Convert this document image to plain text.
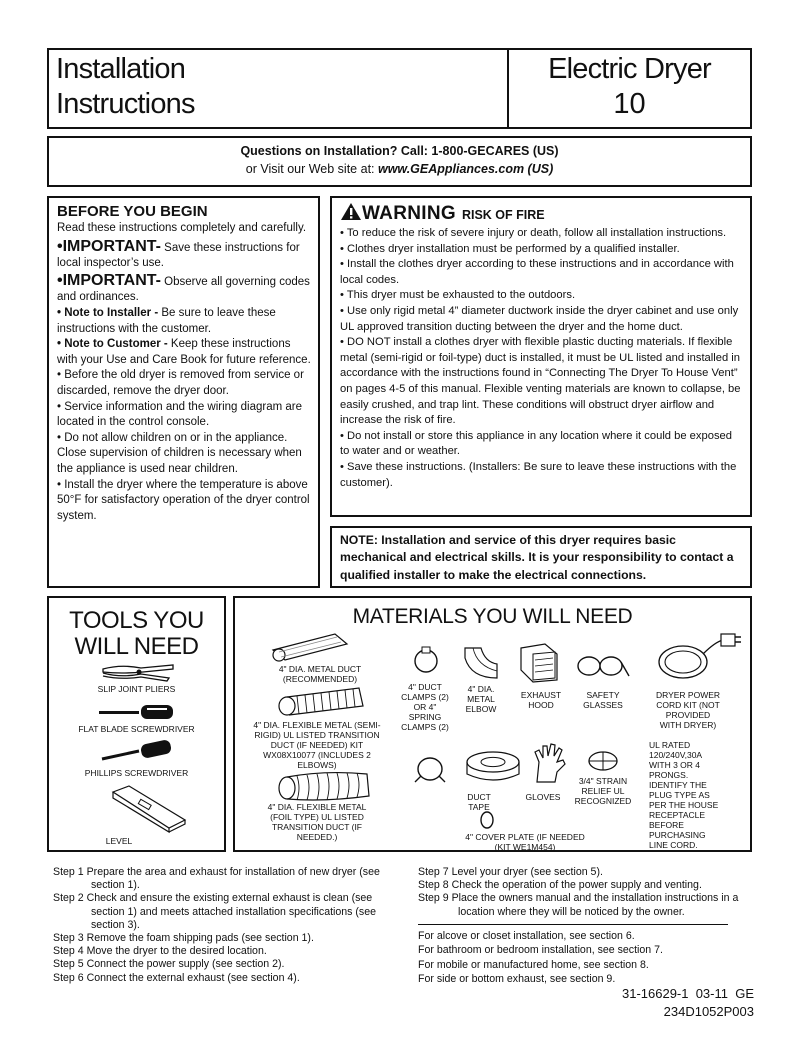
Installation
Instructions
Electric Dryer
10
Questions on Installation? Call: 1-800-GECARES (US)
or Visit our Web site at: www.GEAppliances.com (US)
BEFORE YOU BEGIN
Read these instructions completely and carefully.
•IMPORTANT- Save these instructions for local inspector’s use.
•IMPORTANT- Observe all governing codes and ordinances.
• Note to Installer - Be sure to leave these instructions with the customer.
• Note to Customer - Keep these instructions with your Use and Care Book for future reference.
• Before the old dryer is removed from service or discarded, remove the dryer door.
• Service information and the wiring diagram are located in the control console.
• Do not allow children on or in the appliance. Close supervision of children is necessary when the appliance is used near children.
• Install the dryer where the temperature is above 50°F for satisfactory operation of the dryer control system.
WARNING RISK OF FIRE
• To reduce the risk of severe injury or death, follow all installation instructions.
• Clothes dryer installation must be performed by a qualified installer.
• Install the clothes dryer according to these instructions and in accordance with local codes.
• This dryer must be exhausted to the outdoors.
• Use only rigid metal 4” diameter ductwork inside the dryer cabinet and use only UL approved transition ducting between the dryer and the home duct.
• DO NOT install a clothes dryer with flexible plastic ducting materials. If flexible metal (semi-rigid or foil-type) duct is installed, it must be UL listed and installed in accordance with the instructions found in “Connecting The Dryer To House Vent” on pages 4-5 of this manual. Flexible venting materials are known to collapse, be easily crushed, and trap lint. These conditions will obstruct dryer airflow and increase the risk of fire.
• Do not install or store this appliance in any location where it could be exposed to water and or weather.
• Save these instructions. (Installers: Be sure to leave these instructions with the customer).
NOTE: Installation and service of this dryer requires basic mechanical and electrical skills. It is your responsibility to contact a qualified installer to make the electrical connections.
TOOLS YOU
WILL NEED
SLIP JOINT PLIERS
FLAT BLADE SCREWDRIVER
PHILLIPS SCREWDRIVER
LEVEL
MATERIALS YOU WILL NEED
4" DIA. METAL DUCT (RECOMMENDED)
4" DIA. FLEXIBLE METAL (SEMI-RIGID) UL LISTED TRANSITION DUCT (IF NEEDED) KIT WX08X10077 (INCLUDES 2 ELBOWS)
4" DIA. FLEXIBLE METAL (FOIL TYPE) UL LISTED TRANSITION DUCT (IF NEEDED.)
4" DUCT CLAMPS (2) OR 4" SPRING CLAMPS (2)
4" DIA. METAL ELBOW
EXHAUST HOOD
SAFETY GLASSES
DRYER POWER CORD KIT (NOT PROVIDED WITH DRYER)
UL RATED 120/240V,30A WITH 3 OR 4 PRONGS. IDENTIFY THE PLUG TYPE AS PER THE HOUSE RECEPTACLE BEFORE PURCHASING LINE CORD.
DUCT TAPE
GLOVES
3/4" STRAIN RELIEF UL RECOGNIZED
4" COVER PLATE (IF NEEDED (KIT WE1M454)
Step 1 Prepare the area and exhaust for installation of new dryer (see section 1).
Step 2 Check and ensure the existing external exhaust is clean (see section 1) and meets attached installation specifications (see section 3).
Step 3 Remove the foam shipping pads (see section 1).
Step 4 Move the dryer to the desired location.
Step 5 Connect the power supply (see section 2).
Step 6 Connect the external exhaust (see section 4).
Step 7 Level your dryer (see section 5).
Step 8 Check the operation of the power supply and venting.
Step 9 Place the owners manual and the installation instructions in a location where they will be noticed by the owner.
For alcove or closet installation, see section 6.
For bathroom or bedroom installation, see section 7.
For mobile or manufactured home, see section 8.
For side or bottom exhaust, see section 9.
31-16629-1  03-11  GE
234D1052P003
